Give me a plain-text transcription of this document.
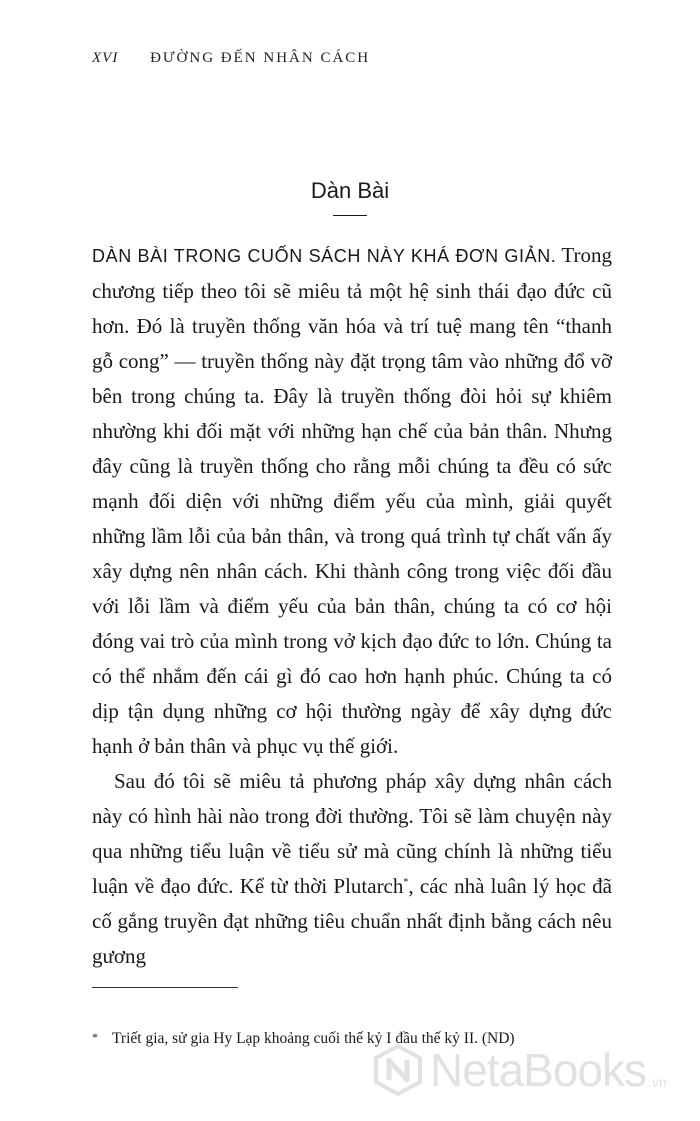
XVI ĐƯỜNG ĐẾN NHÂN CÁCH
Dàn Bài

DÀN BÀI TRONG CUỐN SÁCH NÀY KHÁ ĐƠN GIẢN. Trong chương tiếp theo tôi sẽ miêu tả một hệ sinh thái đạo đức cũ hơn. Đó là truyền thống văn hóa và trí tuệ mang tên “thanh gỗ cong” — truyền thống này đặt trọng tâm vào những đổ vỡ bên trong chúng ta. Đây là truyền thống đòi hỏi sự khiêm nhường khi đối mặt với những hạn chế của bản thân. Nhưng đây cũng là truyền thống cho rằng mỗi chúng ta đều có sức mạnh đối diện với những điểm yếu của mình, giải quyết những lầm lỗi của bản thân, và trong quá trình tự chất vấn ấy xây dựng nên nhân cách. Khi thành công trong việc đối đầu với lỗi lầm và điểm yếu của bản thân, chúng ta có cơ hội đóng vai trò của mình trong vở kịch đạo đức to lớn. Chúng ta có thể nhắm đến cái gì đó cao hơn hạnh phúc. Chúng ta có dịp tận dụng những cơ hội thường ngày để xây dựng đức hạnh ở bản thân và phục vụ thế giới.

Sau đó tôi sẽ miêu tả phương pháp xây dựng nhân cách này có hình hài nào trong đời thường. Tôi sẽ làm chuyện này qua những tiểu luận về tiểu sử mà cũng chính là những tiểu luận về đạo đức. Kể từ thời Plutarch*, các nhà luân lý học đã cố gắng truyền đạt những tiêu chuẩn nhất định bằng cách nêu gương

* Triết gia, sử gia Hy Lạp khoảng cuối thế kỷ I đầu thế kỷ II. (ND)
NetaBooks .vn
